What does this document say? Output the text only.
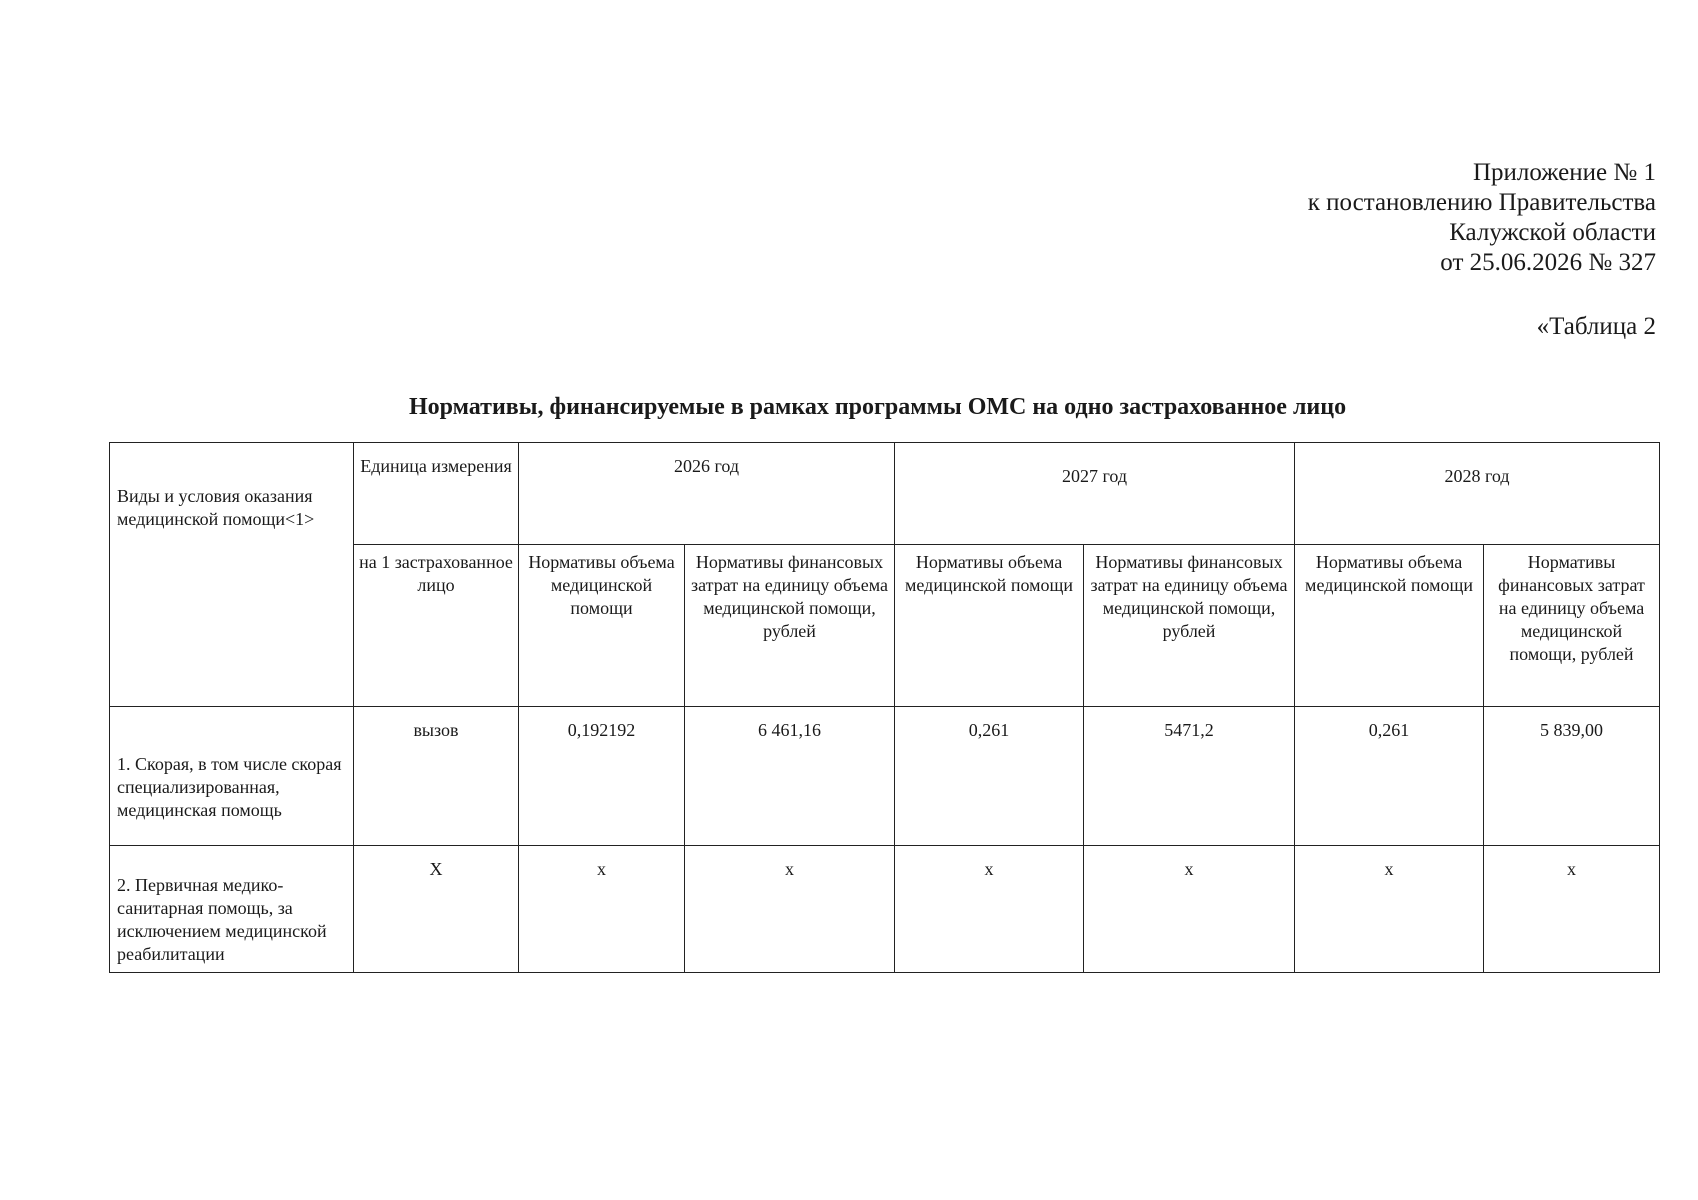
Приложение № 1
к постановлению Правительства
Калужской области
от 25.06.2026 № 327
«Таблица 2
Нормативы, финансируемые в рамках программы ОМС на одно застрахованное лицо
Виды и условия оказания медицинской помощи<1>	Единица измерения	2026 год		2027 год		2028 год	
	на 1 застрахованное лицо	Нормативы объема медицинской помощи	Нормативы финансовых затрат на единицу объема медицинской помощи, рублей	Нормативы объема медицинской помощи	Нормативы финансовых затрат на единицу объема медицинской помощи, рублей	Нормативы объема медицинской помощи	Нормативы финансовых затрат на единицу объема медицинской помощи, рублей
1. Скорая, в том числе скорая специализированная, медицинская помощь	вызов	0,192192	6 461,16	0,261	5471,2	0,261	5 839,00
2. Первичная медико-санитарная помощь, за исключением медицинской реабилитации	Х	х	х	х	х	х	х
